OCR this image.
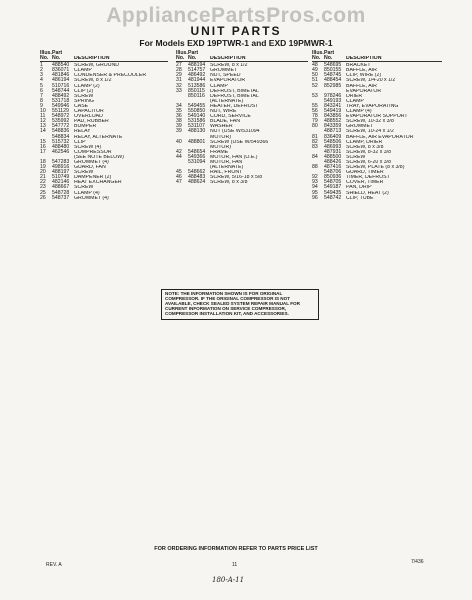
AppliancePartsPros.com
UNIT PARTS
For Models EXD 19PTWR-1 and EXD 19PMWR-1
Illus. Part
No. No.	DESCRIPTION
1	488540 SCREW, GROUND
2	836071 CLAMP
3	481846 CONDENSER & PRECOOLER
4	486194 SCREW, 8 x 1/2
5	510716 CLAMP (2)
6	548744 CLIP (2)
7	488492 SCREW
8	531718 SPRING
9	549946 CASE
10	551129 CAPACITOR
11	548972 OVERLOAD
12	535992 PAD, RUBBER
13	547772 BUMPER
14	548836 RELAY
548834 RELAY, ALTERNATE
15	515732 CLIP
16	488480 SCREW (4)
17	462546 COMPRESSOR
(SEE NOTE BELOW)
18	547283 GROMMET (4)
19	498916 GUARD, FAN
20	488197 SCREW
21	510749 DAMPENER (2)
22	482146 HEAT EXCHANGER
23	488667 SCREW
25	548728 CLAMP (4)
26	548737 GROMMET (4)
Illus. Part
No. No.	DESCRIPTION
27	488194 SCREW, 8 x 1/2
28	514757 GROMMET
29	486492 NUT, SPEED
31	481944 EVAPORATOR
32	513586 CLAMP
33	850115 DEFROST, BIMETAL
850116 DEFROST, BIMETAL
(ALTERNATE)
34	549455 HEATER, DEFROST
35	550850 NUT, WIRE
36	549140 CORD, SERVICE
38	531586 BLADE, FAN
39	531107 WASHER
39	488130 NUT (USE W/531094
MOTOR)
40	488801 SCREW (USE W/549366
MOTOR)
42	548654 FRAME
44	549366 MOTOR, FAN (O.E.)
531094 MOTOR, FAN
(ALTERNATE)
45	548662 RAIL, FRONT
46	488483 SCREW, 5/16-18 x 5/8
47	488624 SCREW, 8 x 3/8
Illus. Part
No. No.	DESCRIPTION
48	548695 BRACKET
49	850155 BAFFLE, AIR
50	548745 CLIP, WIRE (2)
51	488454 SCREW, 1/4-20 x 1/2
52	852985 BAFFLE, AIR
EVAPORATOR
53	978246 DRIER
549193 CLAMP
55	843241 TRAY, EVAPORATING
56	549419 CLAMP (4)
78	843856 EVAPORATOR SUPPORT
79	488552 SCREW, 10-32 x 3/8
80	843359 GROMMET
488713 SCREW, 10-24 x 1/2
81	836409 BAFFLE, AIR EVAPORATOR
82	548506 CLAMP, DRIER
83	486993 SCREW, 8 x 3/8
487931 SCREW, 8-32 x 3/8
84	488500 SCREW
488426 SCREW, 6-20 x 3/8
88	487416 SCREW, PLATE (8 x 3/8)
548706 GUARD, TIMER
92	850936 TIMER, DEFROST
93	548705 COVER, TIMER
94	549187 PAN, DRIP
95	549435 SHIELD, HEAT (2)
96	548742 CLIP, TUBE
NOTE: THE INFORMATION SHOWN IS FOR ORIGINAL COMPRESSOR. IF THE ORIGINAL COMPRESSOR IS NOT AVAILABLE, CHECK SEALED SYSTEM REPAIR MANUAL FOR CURRENT INFORMATION ON SERVICE COMPRESSOR, COMPRESSOR INSTALLATION KIT, AND ACCESSORIES.
FOR ORDERING INFORMATION REFER TO PARTS PRICE LIST
REV. A	11	7/436
180-A-11
